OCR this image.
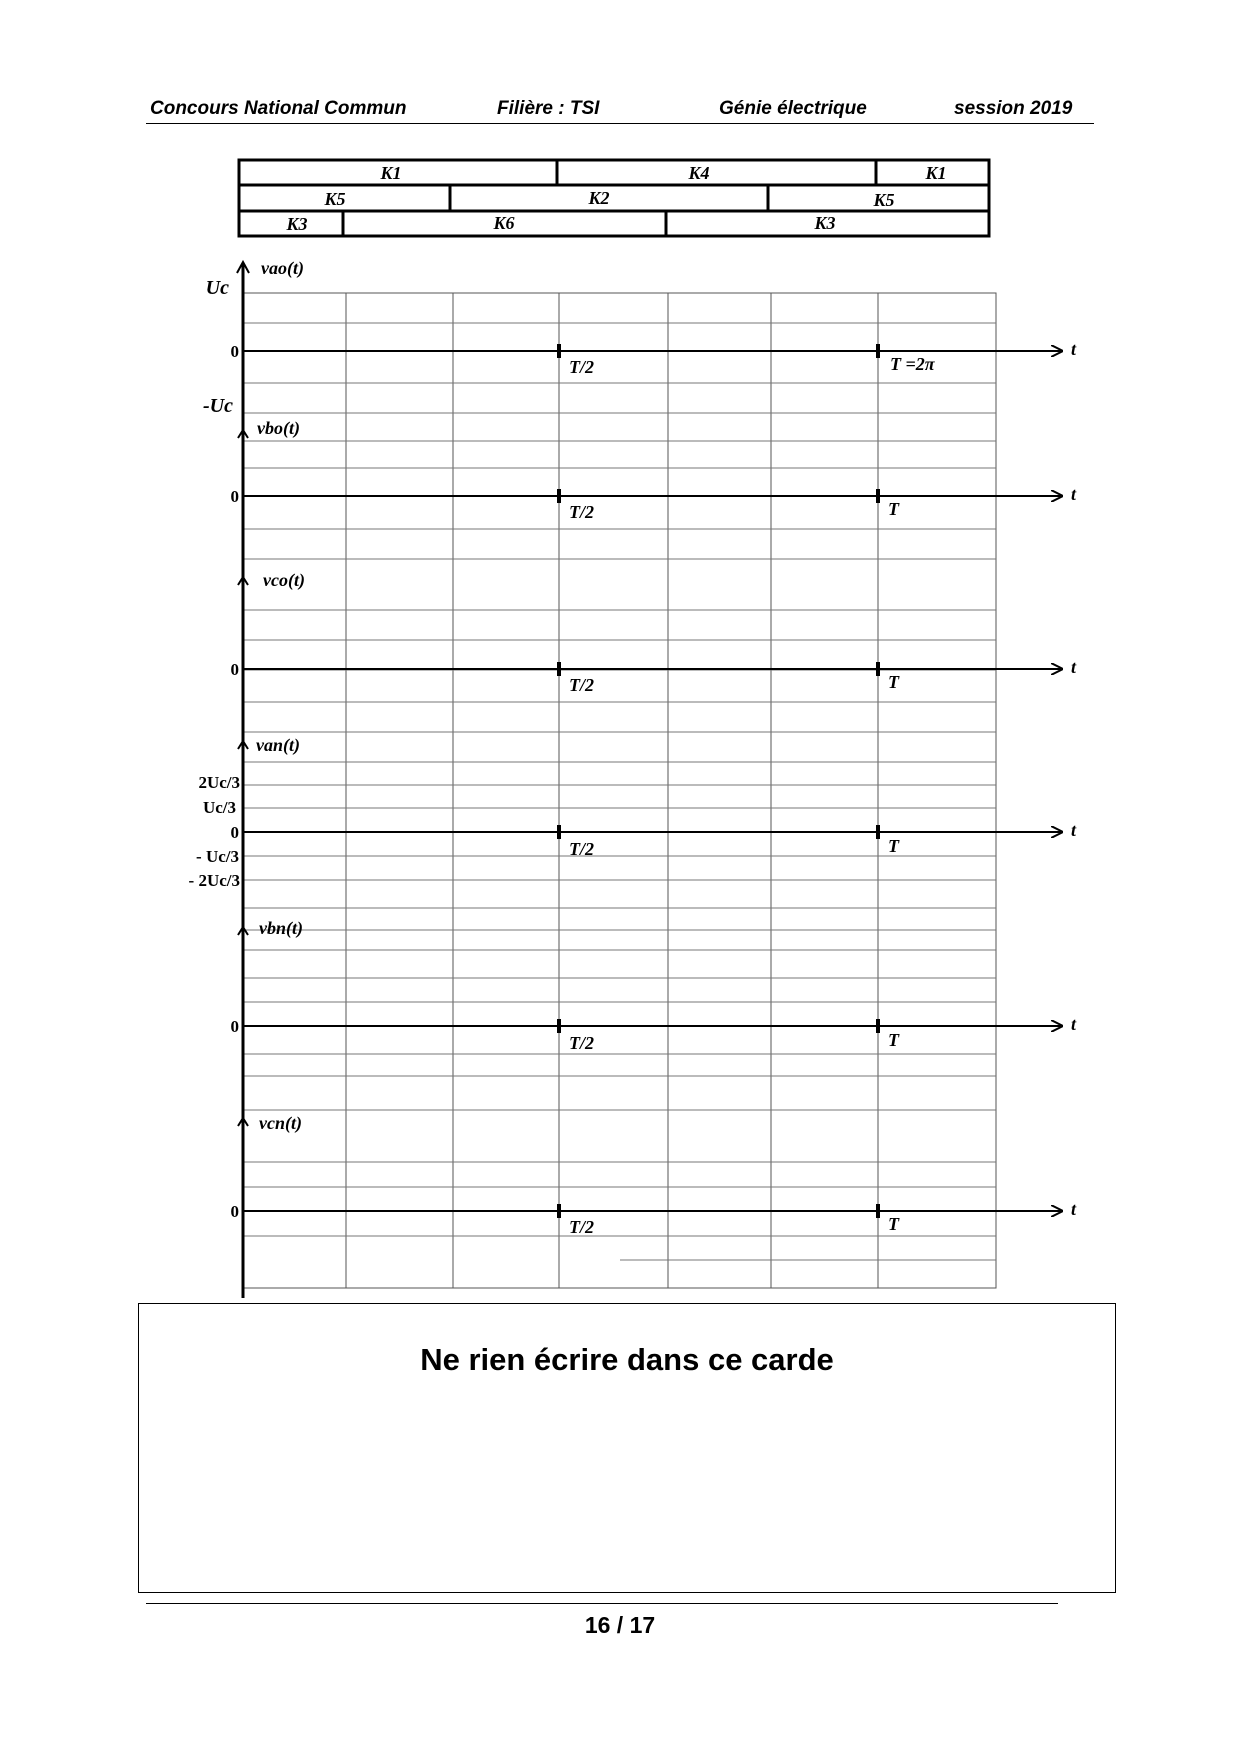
Concours National Commun	Filière : TSI	Génie électrique	session 2019
K1	K4	K1
K5	K2	K5
K3	K6	K3
vao(t)
vbo(t)
vco(t)
van(t)
vbn(t)
vcn(t)
Uc
0
-Uc
0
0
2Uc/3
Uc/3
0
- Uc/3
- 2Uc/3
0
0
T/2	T =2π
T/2	T
T/2	T
T/2	T
T/2	T
T/2	T
t
t
t
t
t
t
Ne rien écrire dans ce carde
16 / 17
